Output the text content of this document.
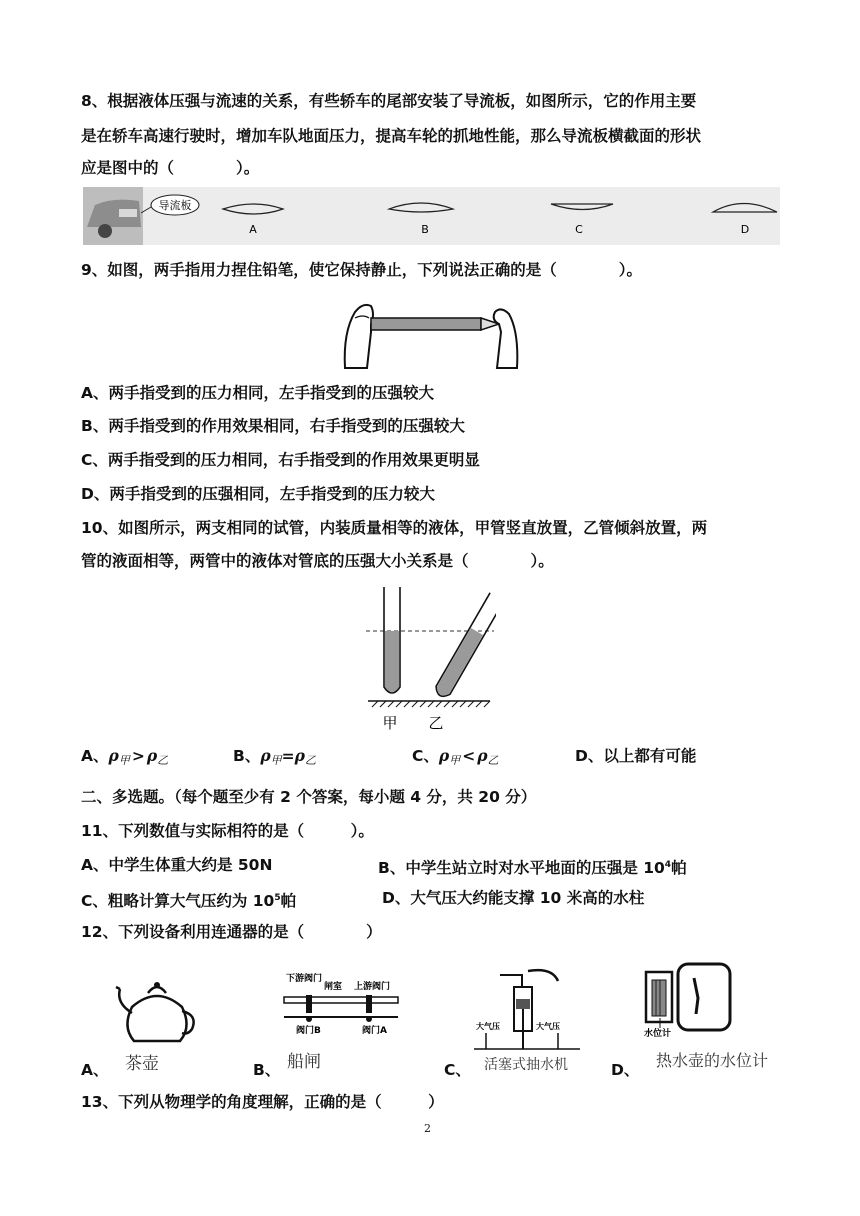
8、根据液体压强与流速的关系，有些轿车的尾部安装了导流板，如图所示，它的作用主要
是在轿车高速行驶时，增加车队地面压力，提高车轮的抓地性能，那么导流板横截面的形状
应是图中的（　　　　）。
导流板
A	B	C	D
9、如图，两手指用力捏住铅笔，使它保持静止，下列说法正确的是（　　　　）。
A、两手指受到的压力相同，左手指受到的压强较大
B、两手指受到的作用效果相同，右手指受到的压强较大
C、两手指受到的压力相同，右手指受到的作用效果更明显
D、两手指受到的压强相同，左手指受到的压力较大
10、如图所示，两支相同的试管，内装质量相等的液体，甲管竖直放置，乙管倾斜放置，两
管的液面相等，两管中的液体对管底的压强大小关系是（　　　　）。
甲 乙
A、$\rho_甲 > \rho_乙$	B、$\rho_甲=\rho_乙$	C、$\rho_甲 < \rho_乙$	D、以上都有可能
二、多选题。（每个题至少有 2 个答案，每小题 4 分，共 20 分）
11、下列数值与实际相符的是（　　　）。
A、中学生体重大约是 50N	B、中学生站立时对水平地面的压强是 $10^4$帕
C、粗略计算大气压约为 $10^5$帕	D、大气压大约能支撑 10 米高的水柱
12、下列设备利用连通器的是（　　　　）
A、 茶壶	B、
下游阀门
闸室 上游阀门
阀门B	阀门A
船闸	C、
大气压	大气压
活塞式抽水机	D、
水位计
热水壶的水位计
13、下列从物理学的角度理解，正确的是（　　　）
2
